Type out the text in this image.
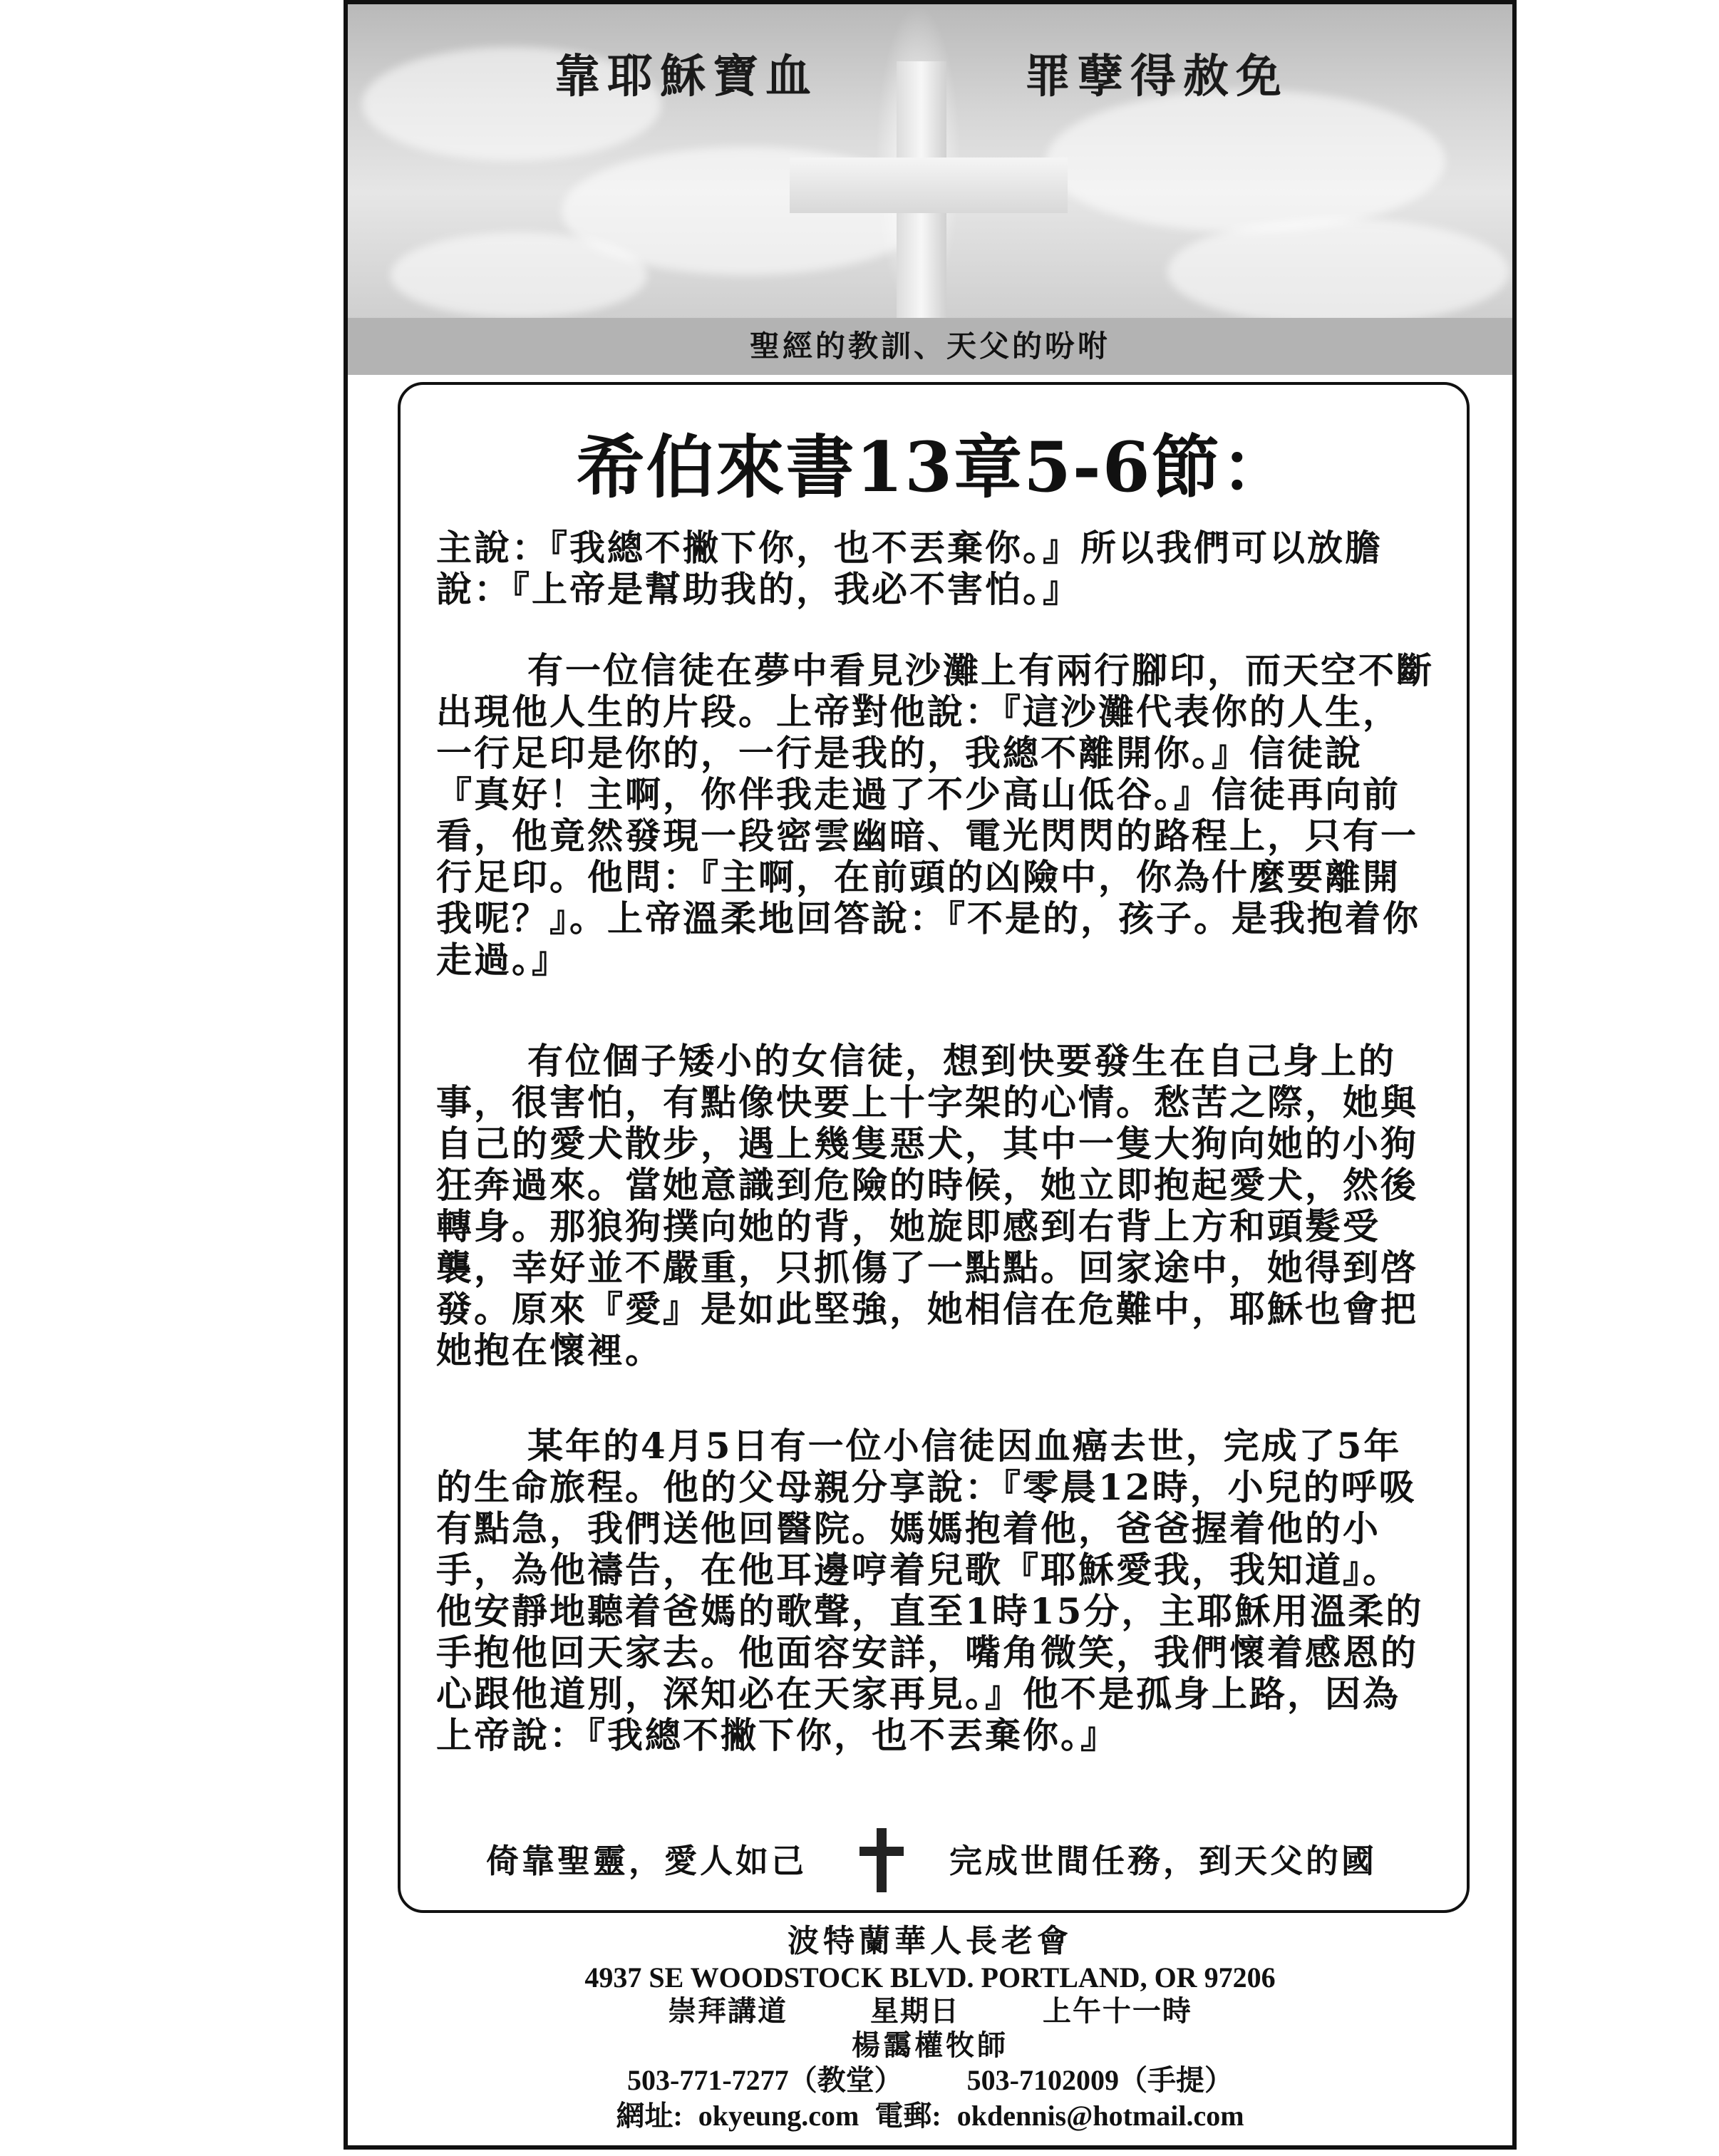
靠耶穌寶血	罪孽得赦免
聖經的教訓、天父的吩咐
希伯來書13章5-6節：

主說：『我總不撇下你，也不丟棄你。』所以我們可以放膽說：『上帝是幫助我的，我必不害怕。』

有一位信徒在夢中看見沙灘上有兩行腳印，而天空不斷出現他人生的片段。上帝對他說：『這沙灘代表你的人生，一行足印是你的，一行是我的，我總不離開你。』信徒說『真好！主啊，你伴我走過了不少高山低谷。』信徒再向前看，他竟然發現一段密雲幽暗、電光閃閃的路程上，只有一行足印。他問：『主啊，在前頭的凶險中，你為什麼要離開我呢？』。上帝溫柔地回答說：『不是的，孩子。是我抱着你走過。』

有位個子矮小的女信徒，想到快要發生在自己身上的事，很害怕，有點像快要上十字架的心情。愁苦之際，她與自己的愛犬散步，遇上幾隻惡犬，其中一隻大狗向她的小狗狂奔過來。當她意識到危險的時候，她立即抱起愛犬，然後轉身。那狼狗撲向她的背，她旋即感到右背上方和頭髮受襲，幸好並不嚴重，只抓傷了一點點。回家途中，她得到啓發。原來『愛』是如此堅強，她相信在危難中，耶穌也會把她抱在懷裡。

某年的4月5日有一位小信徒因血癌去世，完成了5年的生命旅程。他的父母親分享說：『零晨12時，小兒的呼吸有點急，我們送他回醫院。媽媽抱着他，爸爸握着他的小手，為他禱告，在他耳邊哼着兒歌『耶穌愛我，我知道』。他安靜地聽着爸媽的歌聲，直至1時15分，主耶穌用溫柔的手抱他回天家去。他面容安詳，嘴角微笑，我們懷着感恩的心跟他道別，深知必在天家再見。』他不是孤身上路，因為上帝說：『我總不撇下你，也不丟棄你。』

倚靠聖靈，愛人如己	完成世間任務，到天父的國

波特蘭華人長老會

4937 SE WOODSTOCK BLVD. PORTLAND, OR 97206

崇拜講道	星期日	上午十一時

楊靄權牧師

503-771-7277（教堂） 503-7102009（手提）

網址: okyeung.com 電郵: okdennis@hotmail.com
